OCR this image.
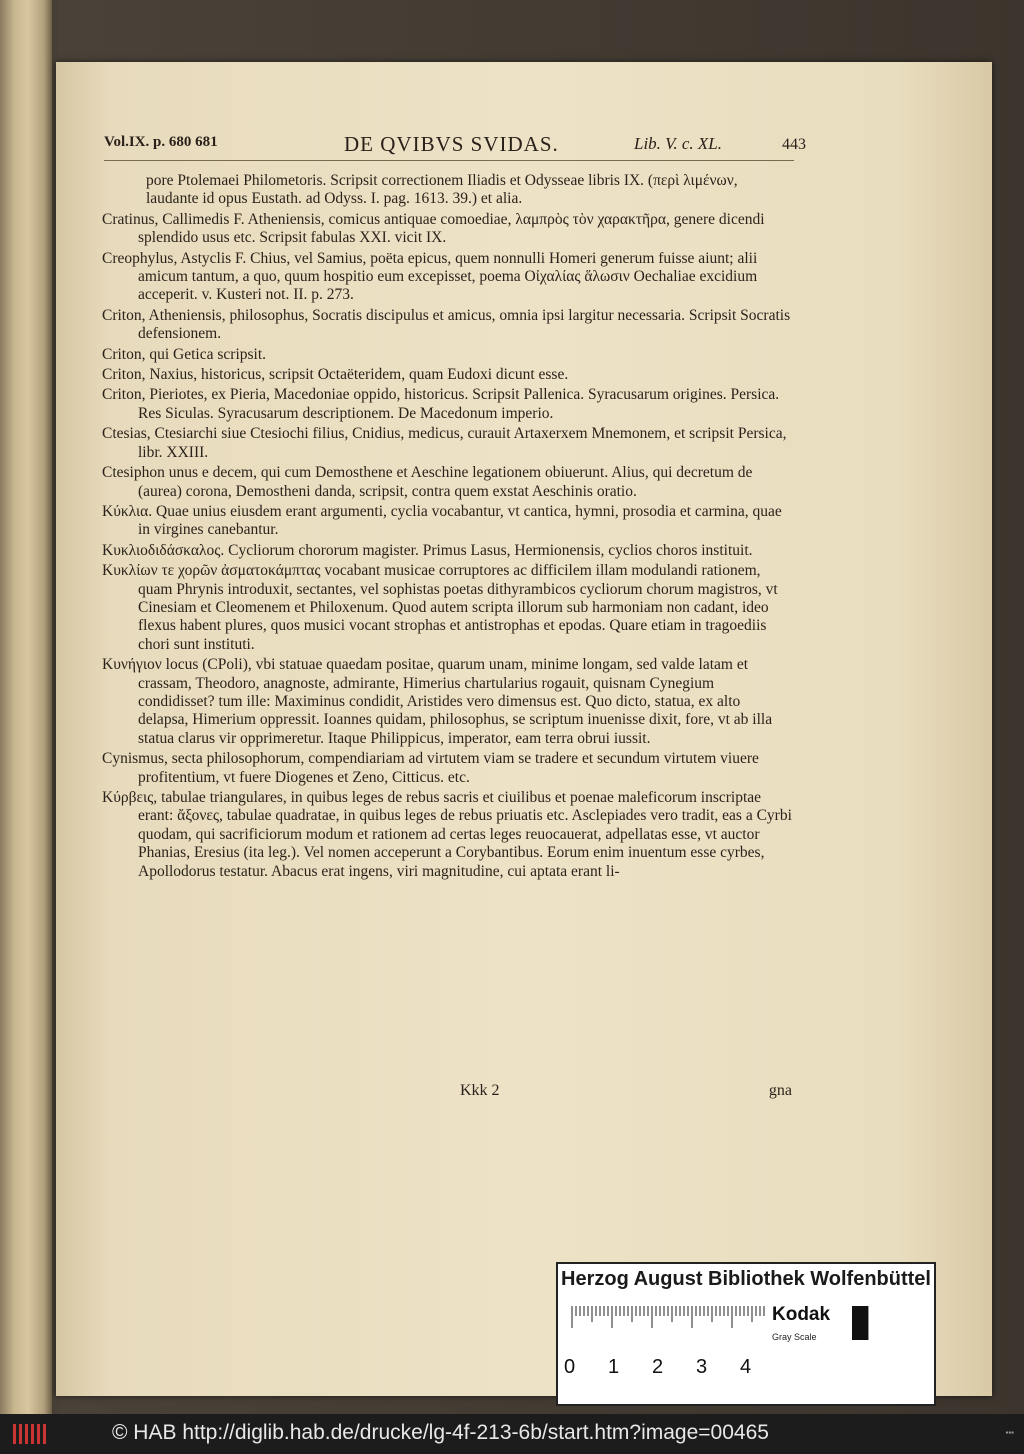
Vol.IX. p. 680 681	DE QVIBVS SVIDAS.	Lib. V. c. XL.	443
pore Ptolemaei Philometoris. Scripsit correctionem Iliadis et Odysseae libris IX. (περὶ λιμένων, laudante id opus Eustath. ad Odyss. I. pag. 1613. 39.) et alia.
Cratinus, Callimedis F. Atheniensis, comicus antiquae comoediae, λαμπρὸς τὸν χαρακτῆρα, genere dicendi splendido usus etc. Scripsit fabulas XXI. vicit IX.
Creophylus, Astyclis F. Chius, vel Samius, poëta epicus, quem nonnulli Homeri generum fuisse aiunt; alii amicum tantum, a quo, quum hospitio eum excepisset, poema Οἰχαλίας ἅλωσιν Oechaliae excidium acceperit. v. Kusteri not. II. p. 273.
Criton, Atheniensis, philosophus, Socratis discipulus et amicus, omnia ipsi largitur necessaria. Scripsit Socratis defensionem.
Criton, qui Getica scripsit.
Criton, Naxius, historicus, scripsit Octaëteridem, quam Eudoxi dicunt esse.
Criton, Pieriotes, ex Pieria, Macedoniae oppido, historicus. Scripsit Pallenica. Syracusarum origines. Persica. Res Siculas. Syracusarum descriptionem. De Macedonum imperio.
Ctesias, Ctesiarchi siue Ctesiochi filius, Cnidius, medicus, curauit Artaxerxem Mnemonem, et scripsit Persica, libr. XXIII.
Ctesiphon unus e decem, qui cum Demosthene et Aeschine legationem obiuerunt. Alius, qui decretum de (aurea) corona, Demostheni danda, scripsit, contra quem exstat Aeschinis oratio.
Κύκλια. Quae unius eiusdem erant argumenti, cyclia vocabantur, vt cantica, hymni, prosodia et carmina, quae in virgines canebantur.
Κυκλιοδιδάσκαλος. Cycliorum chororum magister. Primus Lasus, Hermionensis, cyclios choros instituit.
Κυκλίων τε χορῶν ἀσματοκάμπτας vocabant musicae corruptores ac difficilem illam modulandi rationem, quam Phrynis introduxit, sectantes, vel sophistas poetas dithyrambicos cycliorum chorum magistros, vt Cinesiam et Cleomenem et Philoxenum. Quod autem scripta illorum sub harmoniam non cadant, ideo flexus habent plures, quos musici vocant strophas et antistrophas et epodas. Quare etiam in tragoediis chori sunt instituti.
Κυνήγιον locus (CPoli), vbi statuae quaedam positae, quarum unam, minime longam, sed valde latam et crassam, Theodoro, anagnoste, admirante, Himerius chartularius rogauit, quisnam Cynegium condidisset? tum ille: Maximinus condidit, Aristides vero dimensus est. Quo dicto, statua, ex alto delapsa, Himerium oppressit. Ioannes quidam, philosophus, se scriptum inuenisse dixit, fore, vt ab illa statua clarus vir opprimeretur. Itaque Philippicus, imperator, eam terra obrui iussit.
Cynismus, secta philosophorum, compendiariam ad virtutem viam se tradere et secundum virtutem viuere profitentium, vt fuere Diogenes et Zeno, Citticus. etc.
Κύρβεις, tabulae triangulares, in quibus leges de rebus sacris et ciuilibus et poenae maleficorum inscriptae erant: ἄξονες, tabulae quadratae, in quibus leges de rebus priuatis etc. Asclepiades vero tradit, eas a Cyrbi quodam, qui sacrificiorum modum et rationem ad certas leges reuocauerat, adpellatas esse, vt auctor Phanias, Eresius (ita leg.). Vel nomen acceperunt a Corybantibus. Eorum enim inuentum esse cyrbes, Apollodorus testatur. Abacus erat ingens, viri magnitudine, cui aptata erant li-
Kkk 2	gna
Herzog August Bibliothek Wolfenbüttel
0 1 2 3 4
Kodak
Gray Scale
© HAB http://diglib.hab.de/drucke/lg-4f-213-6b/start.htm?image=00465	▪▪▪
